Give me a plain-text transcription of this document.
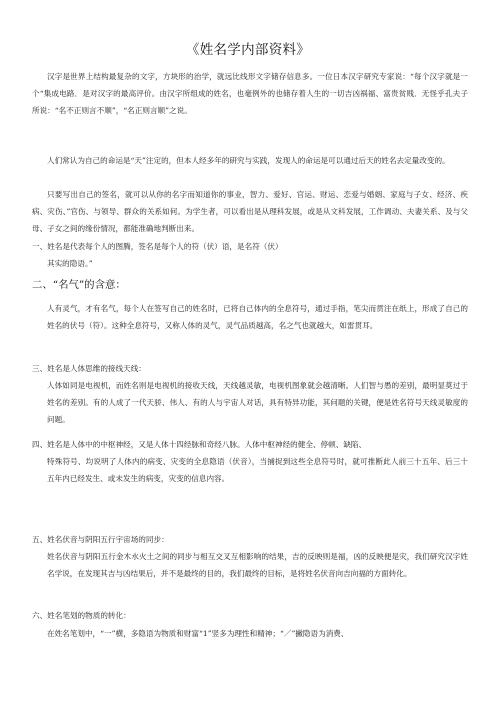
《姓名学内部资料》
汉字是世界上结构最复杂的文字，方块形的治学，就远比线形文字储存信息多。一位日本汉字研究专家说：“每个汉字就是一个“集成电路．是对汉字的最高评价。由汉字所组成的姓名，也毫例外的也储存着人生的一切吉凶祸福、富贵贫贱．无怪乎孔夫子所说：“名不正则言不顺”，“名正则言顺”之说。
人们常认为自己的命运是“天”注定的，但本人经多年的研究与实践，发现人的命运是可以通过后天的姓名去定量改变的。
只要写出自己的签名，就可以从你的名字而知道你的事业，智力、爱好、官运、财运、恋爱与婚姻、家庭与子女、经济、疾病、灾伤、”官伤、与领导、群众的关系如何。为学生者，可以看出是从理科发展，或是从文科发展，工作调动、夫妻关系、及与父母、子女之间的缘份情况，都能准确地判断出来。
一、姓名是代表每个人的图腾，签名是每个人的符（伏）语，是名符（伏）
其实的隐语。”
二、“名气”的含意：
人有灵气，才有名气，每个人在签写自己的姓名时，已将自己体内的全息符号，通过手指，笔尖而贯注在纸上，形成了自己的姓名的伏号（符）。这种全息符号，又称人体的灵气，灵气品质越高，名之气也就越大，如雷贯耳。
三、姓名是人体思维的接线天线：
人体如同是电视机，而姓名则是电视机的接收天线，天线越灵敏，电视机图象就会越清晰。人们智与愚的差别，最明显莫过于姓名的差别。有的人成了一代天骄、伟人、有的人与宇宙人对话，具有特异功能，其问题的关键，便是姓名符号天线灵敏度的问题。
四、姓名是人体中的中枢神经，又是人体十四经脉和奇经八脉。人体中枢神经的健全、停顿、缺陷、
特殊符号、均说明了人体内的病变、灾变的全息隐语（伏音），当捕捉到这些全息符号时，就可推断此人前三十五年、后三十五年内已经发生、或未发生的病变，灾变的信息内容。
五、姓名伏音与阴阳五行宇宙场的同步：
姓名伏音与阴阳五行金木水火土之间的同步与相互交叉互相影响的结果，吉的反映则是福，凶的反映便是灾，我们研究汉字姓名学说，在发现其吉与凶结果后，并不是最终的目的，我们最终的目标，是将姓名伏音向吉向福的方面转化。
六、姓名笔划的物质的转化：
在姓名笔划中，“一”横，多隐语为物质和财富“1”竖多为理性和精神；“／”撇隐语为消费、
